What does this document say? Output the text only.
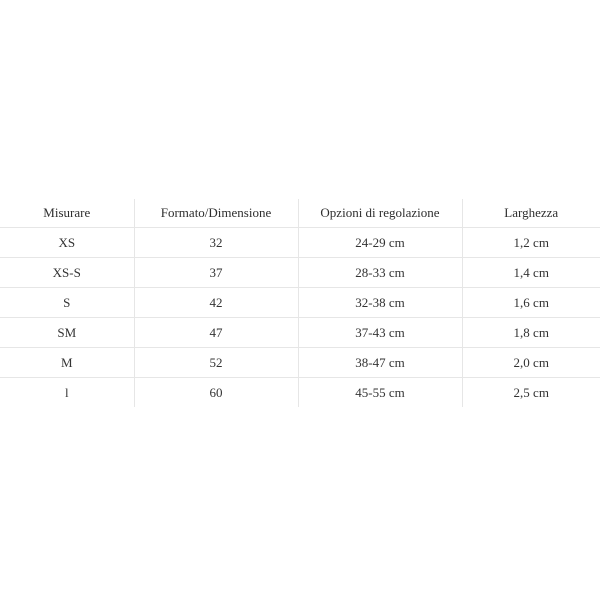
Misurare	Formato/Dimensione	Opzioni di regolazione	Larghezza
XS	32	24-29 cm	1,2 cm
XS-S	37	28-33 cm	1,4 cm
S	42	32-38 cm	1,6 cm
SM	47	37-43 cm	1,8 cm
M	52	38-47 cm	2,0 cm
l	60	45-55 cm	2,5 cm
